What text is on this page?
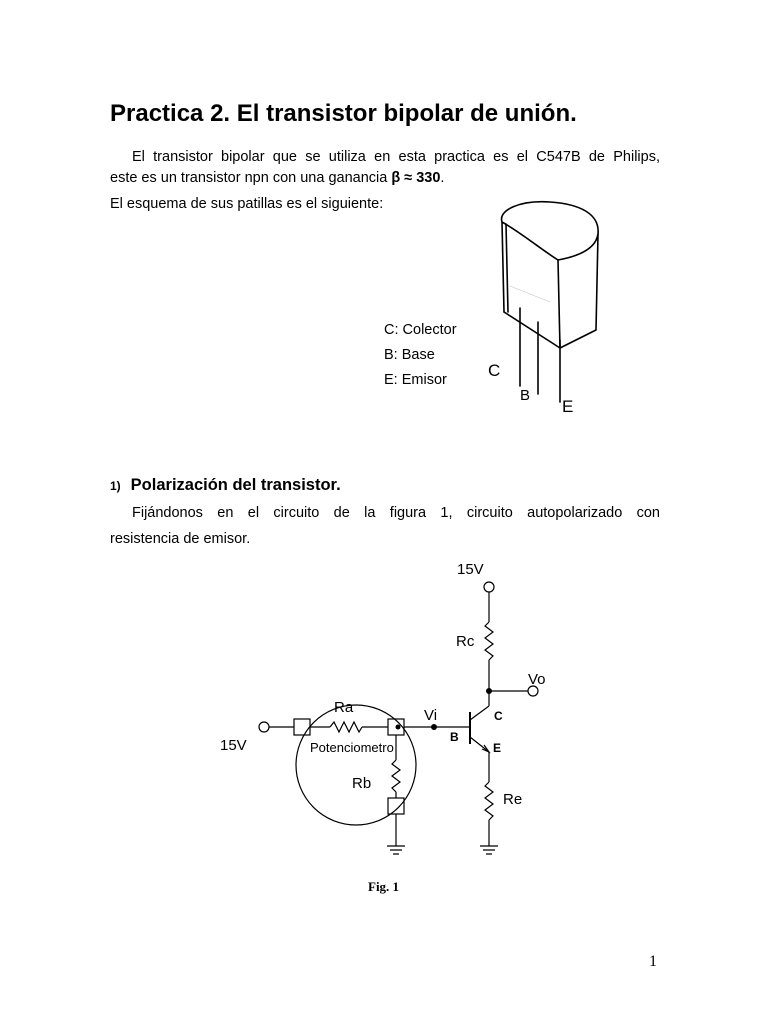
Practica 2. El transistor bipolar de unión.
El transistor bipolar que se utiliza en esta practica es el C547B de Philips,
este es un transistor npn con una ganancia β ≈ 330.
El esquema de sus patillas es el siguiente:
C: Colector
B: Base
E: Emisor C
B
E
1) Polarización del transistor.
Fijándonos en el circuito de la figura 1, circuito autopolarizado con
resistencia de emisor.
15V
Rc
Vo
Vi
Re
Ra
Rb
15V
C
B
E
Potenciometro
Fig. 1
1
